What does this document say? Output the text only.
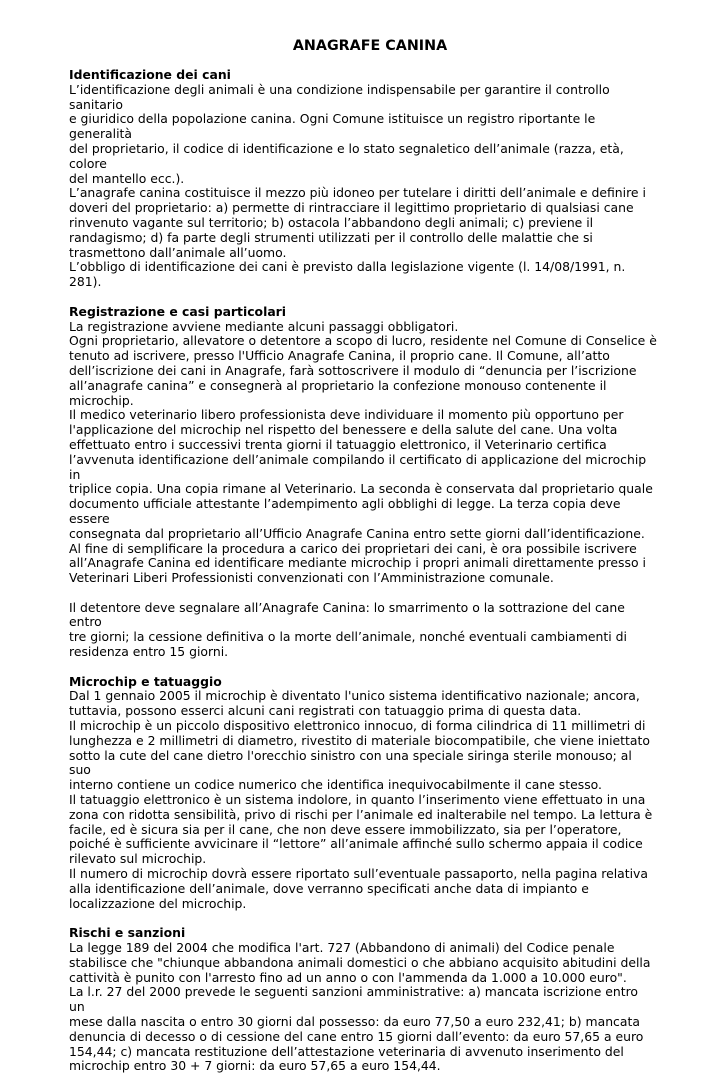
ANAGRAFE CANINA
Identificazione dei cani
L’identificazione degli animali è una condizione indispensabile per garantire il controllo sanitario
e giuridico della popolazione canina. Ogni Comune istituisce un registro riportante le generalità
del proprietario, il codice di identificazione e lo stato segnaletico dell’animale (razza, età, colore
del mantello ecc.).
L’anagrafe canina costituisce il mezzo più idoneo per tutelare i diritti dell’animale e definire i
doveri del proprietario: a) permette di rintracciare il legittimo proprietario di qualsiasi cane
rinvenuto vagante sul territorio; b) ostacola l’abbandono degli animali; c) previene il
randagismo; d) fa parte degli strumenti utilizzati per il controllo delle malattie che si
trasmettono dall’animale all’uomo.
L’obbligo di identificazione dei cani è previsto dalla legislazione vigente (l. 14/08/1991, n.
281).
Registrazione e casi particolari
La registrazione avviene mediante alcuni passaggi obbligatori.
Ogni proprietario, allevatore o detentore a scopo di lucro, residente nel Comune di Conselice è
tenuto ad iscrivere, presso l'Ufficio Anagrafe Canina, il proprio cane. Il Comune, all’atto
dell’iscrizione dei cani in Anagrafe, farà sottoscrivere il modulo di “denuncia per l’iscrizione
all’anagrafe canina” e consegnerà al proprietario la confezione monouso contenente il
microchip.
Il medico veterinario libero professionista deve individuare il momento più opportuno per
l'applicazione del microchip nel rispetto del benessere e della salute del cane. Una volta
effettuato entro i successivi trenta giorni il tatuaggio elettronico, il Veterinario certifica
l’avvenuta identificazione dell’animale compilando il certificato di applicazione del microchip in
triplice copia. Una copia rimane al Veterinario. La seconda è conservata dal proprietario quale
documento ufficiale attestante l’adempimento agli obblighi di legge. La terza copia deve essere
consegnata dal proprietario all’Ufficio Anagrafe Canina entro sette giorni dall’identificazione.
Al fine di semplificare la procedura a carico dei proprietari dei cani, è ora possibile iscrivere
all’Anagrafe Canina ed identificare mediante microchip i propri animali direttamente presso i
Veterinari Liberi Professionisti convenzionati con l’Amministrazione comunale.
Il detentore deve segnalare all’Anagrafe Canina: lo smarrimento o la sottrazione del cane entro
tre giorni; la cessione definitiva o la morte dell’animale, nonché eventuali cambiamenti di
residenza entro 15 giorni.
Microchip e tatuaggio
Dal 1 gennaio 2005 il microchip è diventato l'unico sistema identificativo nazionale; ancora,
tuttavia, possono esserci alcuni cani registrati con tatuaggio prima di questa data.
Il microchip è un piccolo dispositivo elettronico innocuo, di forma cilindrica di 11 millimetri di
lunghezza e 2 millimetri di diametro, rivestito di materiale biocompatibile, che viene iniettato
sotto la cute del cane dietro l'orecchio sinistro con una speciale siringa sterile monouso; al suo
interno contiene un codice numerico che identifica inequivocabilmente il cane stesso.
Il tatuaggio elettronico è un sistema indolore, in quanto l’inserimento viene effettuato in una
zona con ridotta sensibilità, privo di rischi per l’animale ed inalterabile nel tempo. La lettura è
facile, ed è sicura sia per il cane, che non deve essere immobilizzato, sia per l’operatore,
poiché è sufficiente avvicinare il “lettore” all’animale affinché sullo schermo appaia il codice
rilevato sul microchip.
Il numero di microchip dovrà essere riportato sull’eventuale passaporto, nella pagina relativa
alla identificazione dell’animale, dove verranno specificati anche data di impianto e
localizzazione del microchip.
Rischi e sanzioni
La legge 189 del 2004 che modifica l'art. 727 (Abbandono di animali) del Codice penale
stabilisce che "chiunque abbandona animali domestici o che abbiano acquisito abitudini della
cattività è punito con l'arresto fino ad un anno o con l'ammenda da 1.000 a 10.000 euro".
La l.r. 27 del 2000 prevede le seguenti sanzioni amministrative: a) mancata iscrizione entro un
mese dalla nascita o entro 30 giorni dal possesso: da euro 77,50 a euro 232,41; b) mancata
denuncia di decesso o di cessione del cane entro 15 giorni dall’evento: da euro 57,65 a euro
154,44; c) mancata restituzione dell’attestazione veterinaria di avvenuto inserimento del
microchip entro 30 + 7 giorni: da euro 57,65 a euro 154,44.
